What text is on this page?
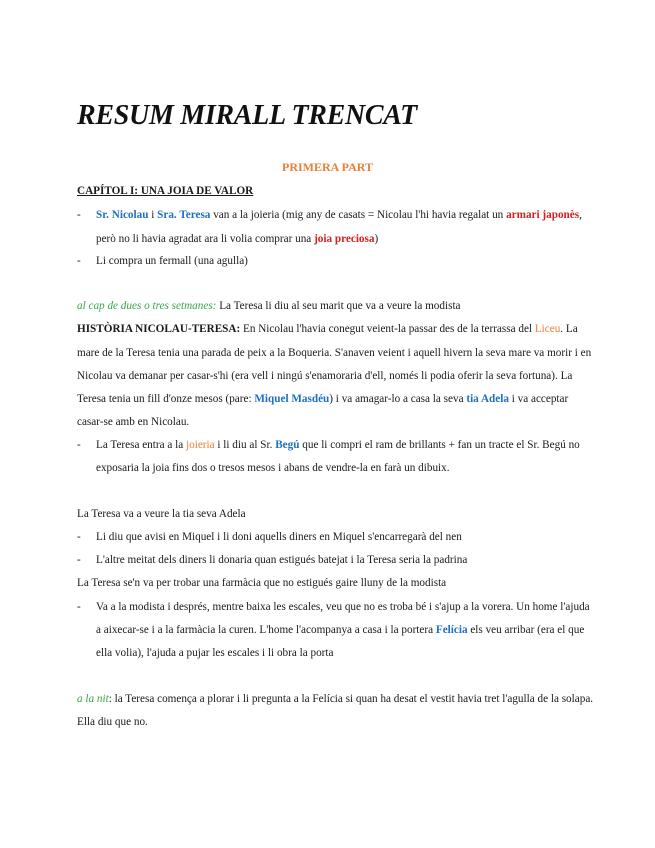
RESUM MIRALL TRENCAT
PRIMERA PART
CAPÍTOL I: UNA JOIA DE VALOR
- Sr. Nicolau i Sra. Teresa van a la joieria (mig any de casats = Nicolau l'hi havia regalat un armari japonès,
però no li havia agradat ara li volia comprar una joia preciosa)
- Li compra un fermall (una agulla)
al cap de dues o tres setmanes: La Teresa li diu al seu marit que va a veure la modista
HISTÒRIA NICOLAU-TERESA: En Nicolau l'havia conegut veient-la passar des de la terrassa del Liceu. La
mare de la Teresa tenia una parada de peix a la Boqueria. S'anaven veient i aquell hivern la seva mare va morir i en
Nicolau va demanar per casar-s'hi (era vell i ningú s'enamoraria d'ell, només li podia oferir la seva fortuna). La
Teresa tenia un fill d'onze mesos (pare: Miquel Masdéu) i va amagar-lo a casa la seva tia Adela i va acceptar
casar-se amb en Nicolau.
- La Teresa entra a la joieria i li diu al Sr. Begú que li compri el ram de brillants + fan un tracte el Sr. Begú no
exposaria la joia fins dos o tresos mesos i abans de vendre-la en farà un dibuix.
La Teresa va a veure la tia seva Adela
- Li diu que avisi en Miquel i li doni aquells diners en Miquel s'encarregarà del nen
- L'altre meitat dels diners li donaria quan estigués batejat i la Teresa seria la padrina
La Teresa se'n va per trobar una farmàcia que no estigués gaire lluny de la modista
- Va a la modista i després, mentre baixa les escales, veu que no es troba bé i s'ajup a la vorera. Un home l'ajuda
a aixecar-se i a la farmàcia la curen. L'home l'acompanya a casa i la portera Felícia els veu arribar (era el que
ella volia), l'ajuda a pujar les escales i li obra la porta
a la nit: la Teresa comença a plorar i li pregunta a la Felícia si quan ha desat el vestit havia tret l'agulla de la solapa.
Ella diu que no.
